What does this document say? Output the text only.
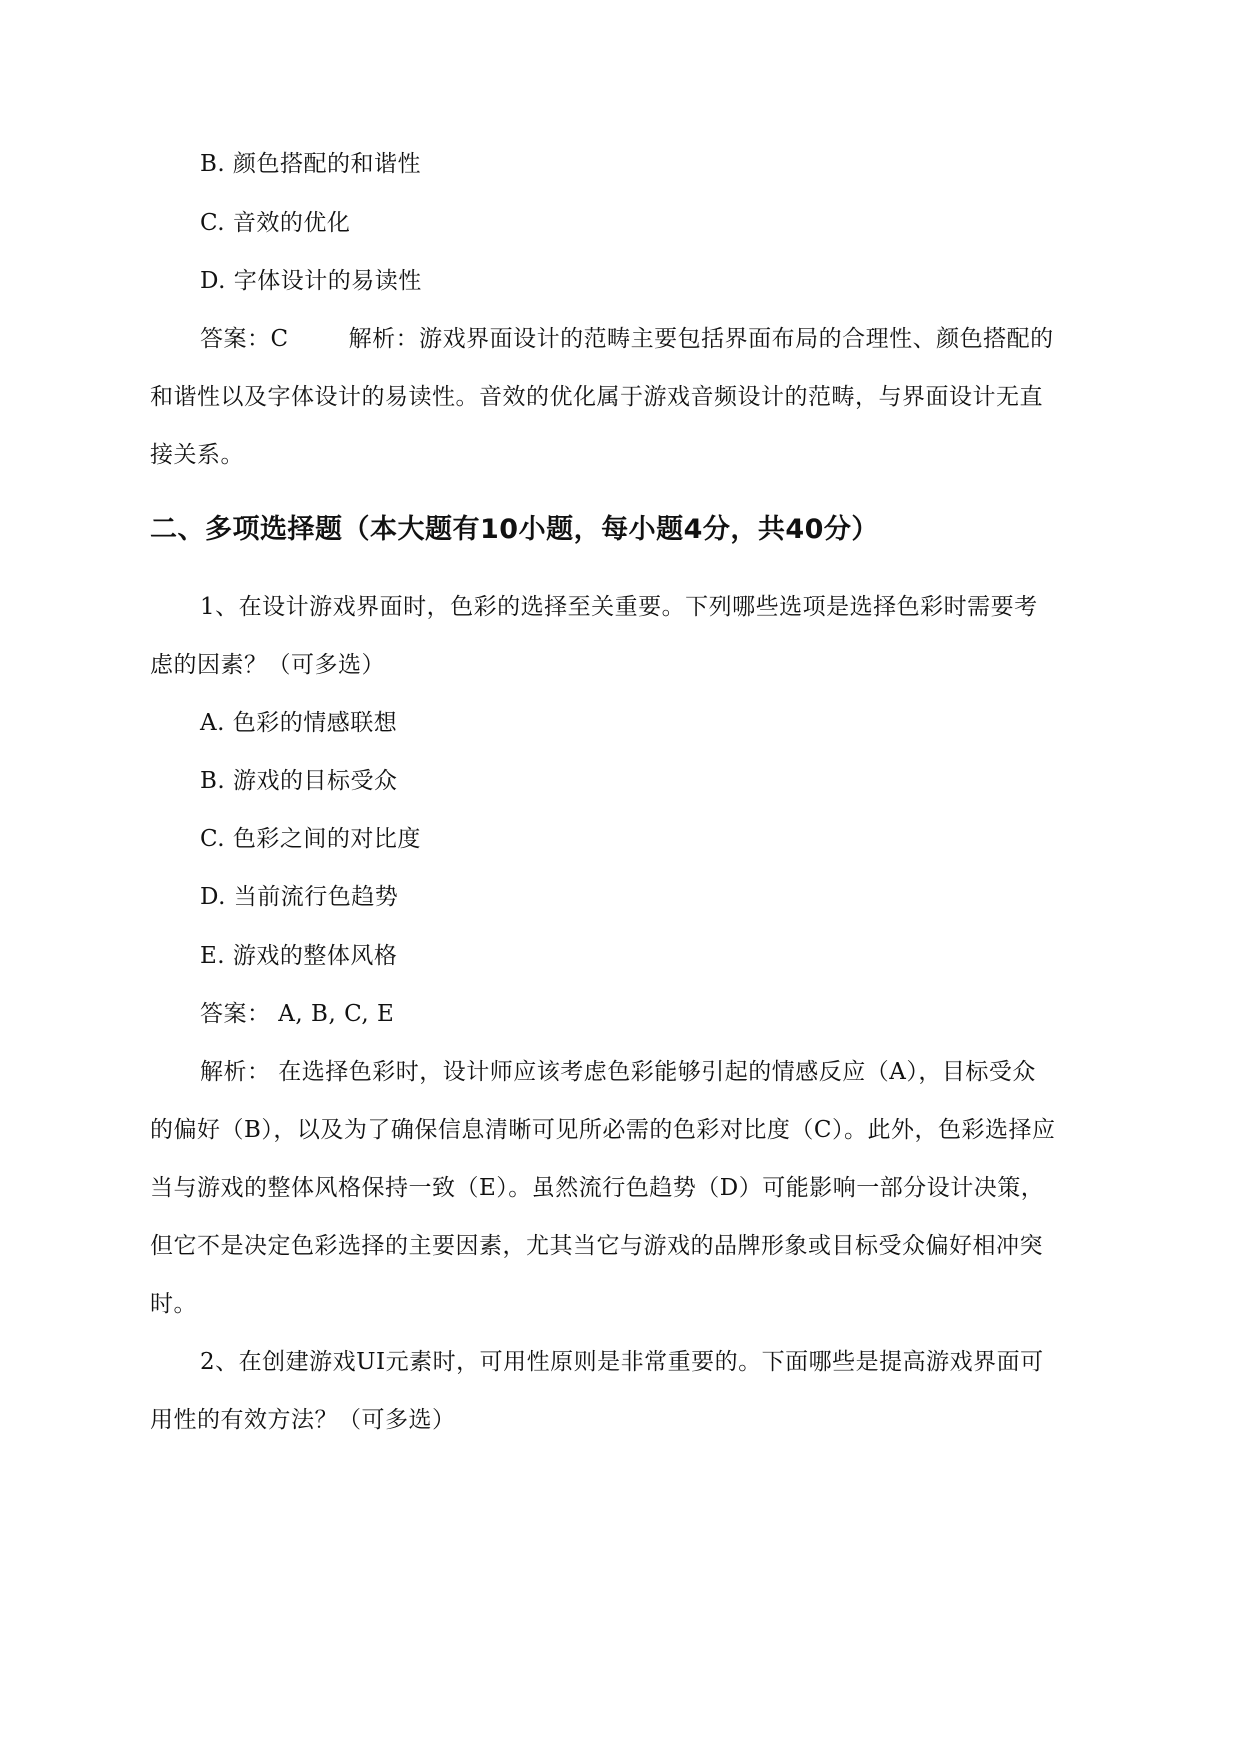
B. 颜色搭配的和谐性
C. 音效的优化
D. 字体设计的易读性
答案：C	解析：游戏界面设计的范畴主要包括界面布局的合理性、颜色搭配的
和谐性以及字体设计的易读性。音效的优化属于游戏音频设计的范畴，与界面设计无直
接关系。
二、多项选择题（本大题有10小题，每小题4分，共40分）
1、在设计游戏界面时，色彩的选择至关重要。下列哪些选项是选择色彩时需要考
虑的因素？（可多选）
A. 色彩的情感联想
B. 游戏的目标受众
C. 色彩之间的对比度
D. 当前流行色趋势
E. 游戏的整体风格
答案： A, B, C, E
解析： 在选择色彩时，设计师应该考虑色彩能够引起的情感反应（A），目标受众
的偏好（B），以及为了确保信息清晰可见所必需的色彩对比度（C）。此外，色彩选择应
当与游戏的整体风格保持一致（E）。虽然流行色趋势（D）可能影响一部分设计决策，
但它不是决定色彩选择的主要因素，尤其当它与游戏的品牌形象或目标受众偏好相冲突
时。
2、在创建游戏UI元素时，可用性原则是非常重要的。下面哪些是提高游戏界面可
用性的有效方法？（可多选）
